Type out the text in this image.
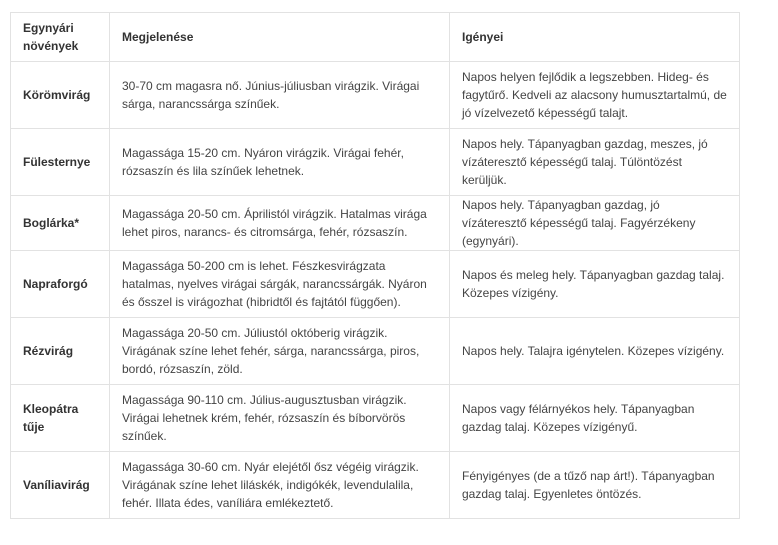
Egynyári növények	Megjelenése	Igényei
Körömvirág	30-70 cm magasra nő. Június-júliusban virágzik. Virágai sárga, narancssárga színűek.	Napos helyen fejlődik a legszebben. Hideg- és fagytűrő. Kedveli az alacsony humusztartalmú, de jó vízelvezető képességű talajt.
Fülesternye	Magassága 15-20 cm. Nyáron virágzik. Virágai fehér, rózsaszín és lila színűek lehetnek.	Napos hely. Tápanyagban gazdag, meszes, jó vízáteresztő képességű talaj. Túlöntözést kerüljük.
Boglárka*	Magassága 20-50 cm. Áprilistól virágzik. Hatalmas virága lehet piros, narancs- és citromsárga, fehér, rózsaszín.	Napos hely. Tápanyagban gazdag, jó vízáteresztő képességű talaj. Fagyérzékeny (egynyári).
Napraforgó	Magassága 50-200 cm is lehet. Fészkesvirágzata hatalmas, nyelves virágai sárgák, narancssárgák. Nyáron és ősszel is virágozhat (hibridtől és fajtától függően).	Napos és meleg hely. Tápanyagban gazdag talaj. Közepes vízigény.
Rézvirág	Magassága 20-50 cm. Júliustól októberig virágzik. Virágának színe lehet fehér, sárga, narancssárga, piros, bordó, rózsaszín, zöld.	Napos hely. Talajra igénytelen. Közepes vízigény.
Kleopátra tűje	Magassága 90-110 cm. Július-augusztusban virágzik. Virágai lehetnek krém, fehér, rózsaszín és bíborvörös színűek.	Napos vagy félárnyékos hely. Tápanyagban gazdag talaj. Közepes vízigényű.
Vaníliavirág	Magassága 30-60 cm. Nyár elejétől ősz végéig virágzik. Virágának színe lehet liláskék, indigókék, levendulalila, fehér. Illata édes, vaníliára emlékeztető.	Fényigényes (de a tűző nap árt!). Tápanyagban gazdag talaj. Egyenletes öntözés.
